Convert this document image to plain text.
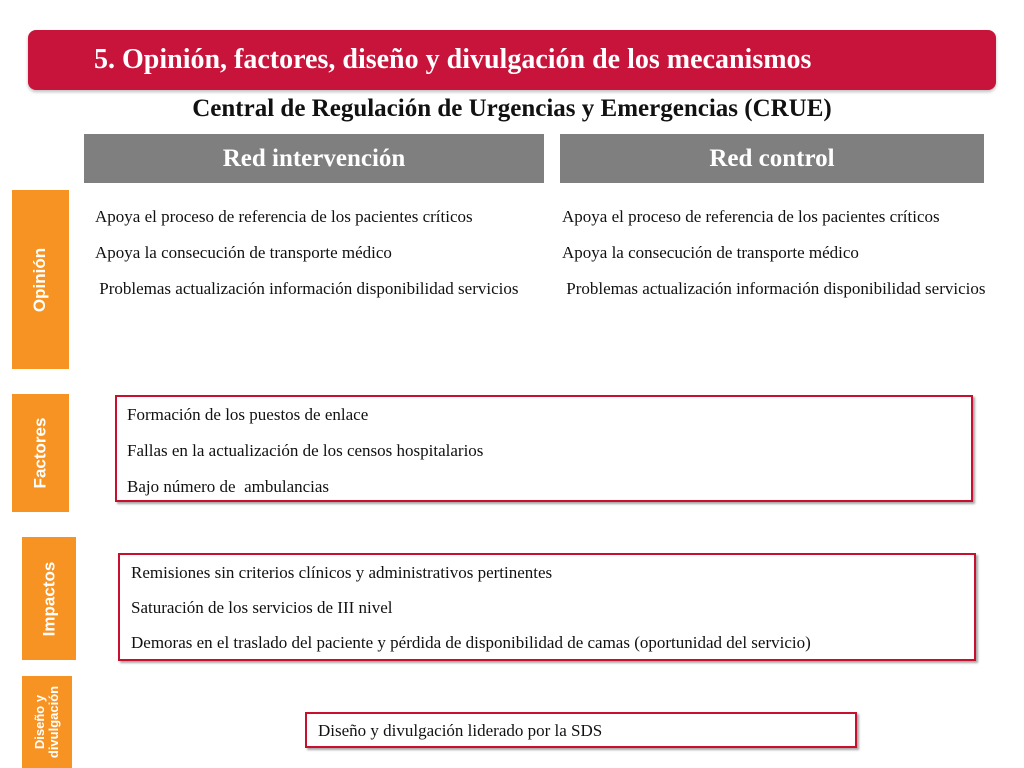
5. Opinión, factores, diseño y divulgación de los mecanismos
Central de Regulación de Urgencias y Emergencias (CRUE)
Red intervención	Red control
Opinión
Factores
Impactos
Diseño y divulgación

Apoya el proceso de referencia de los pacientes críticos

Apoya la consecución de transporte médico

Problemas actualización información disponibilidad servicios

Apoya el proceso de referencia de los pacientes críticos

Apoya la consecución de transporte médico

Problemas actualización información disponibilidad servicios

Formación de los puestos de enlace

Fallas en la actualización de los censos hospitalarios

Bajo número de  ambulancias

Remisiones sin criterios clínicos y administrativos pertinentes

Saturación de los servicios de III nivel

Demoras en el traslado del paciente y pérdida de disponibilidad de camas (oportunidad del servicio)

Diseño y divulgación liderado por la SDS
